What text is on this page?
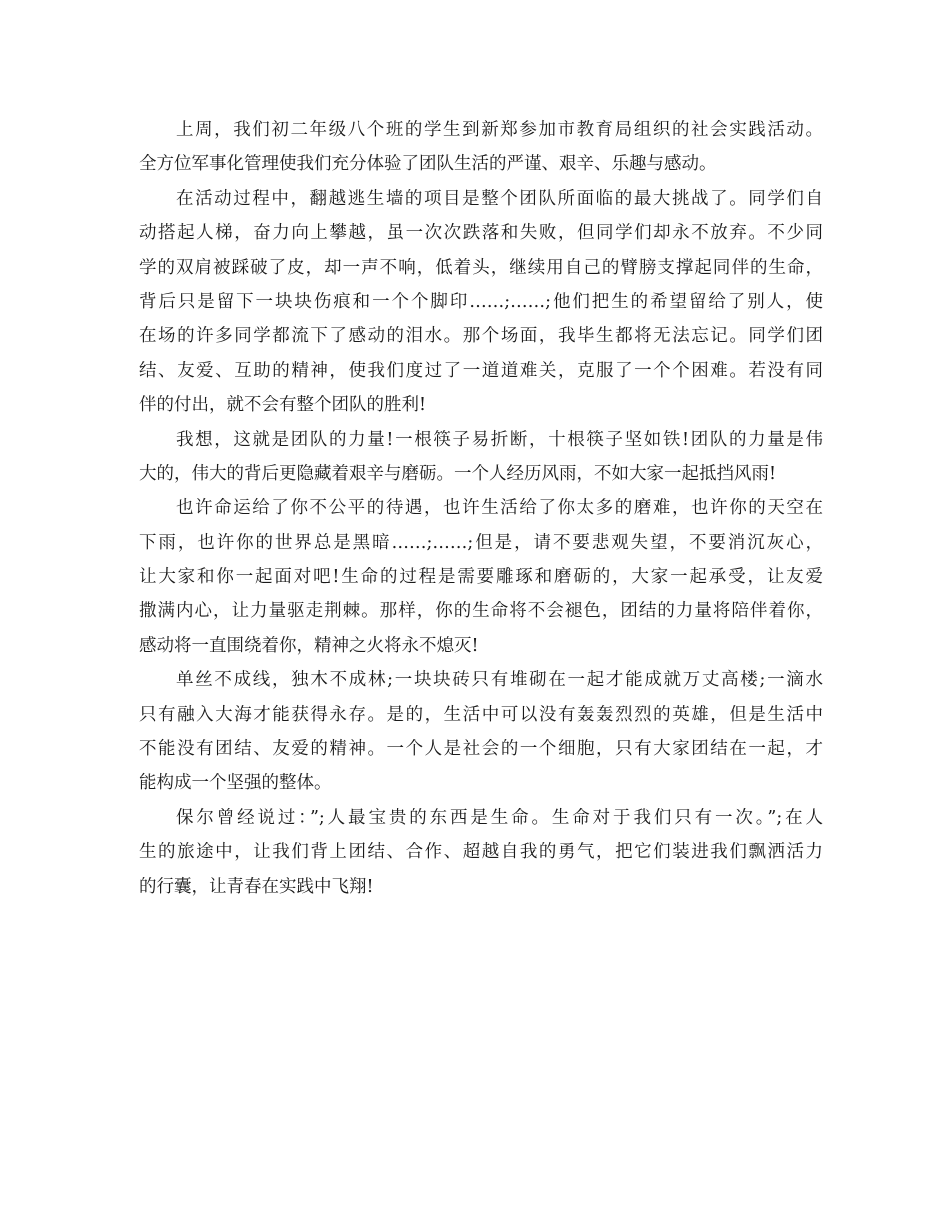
上周，我们初二年级八个班的学生到新郑参加市教育局组织的社会实践活动。
全方位军事化管理使我们充分体验了团队生活的严谨、艰辛、乐趣与感动。
在活动过程中，翻越逃生墙的项目是整个团队所面临的最大挑战了。同学们自
动搭起人梯，奋力向上攀越，虽一次次跌落和失败，但同学们却永不放弃。不少同
学的双肩被踩破了皮，却一声不响，低着头，继续用自己的臂膀支撑起同伴的生命，
背后只是留下一块块伤痕和一个个脚印……;……;他们把生的希望留给了别人，使
在场的许多同学都流下了感动的泪水。那个场面，我毕生都将无法忘记。同学们团
结、友爱、互助的精神，使我们度过了一道道难关，克服了一个个困难。若没有同
伴的付出，就不会有整个团队的胜利!
我想，这就是团队的力量!一根筷子易折断，十根筷子坚如铁!团队的力量是伟
大的，伟大的背后更隐藏着艰辛与磨砺。一个人经历风雨，不如大家一起抵挡风雨!
也许命运给了你不公平的待遇，也许生活给了你太多的磨难，也许你的天空在
下雨，也许你的世界总是黑暗……;……;但是，请不要悲观失望，不要消沉灰心，
让大家和你一起面对吧!生命的过程是需要雕琢和磨砺的，大家一起承受，让友爱
撒满内心，让力量驱走荆棘。那样，你的生命将不会褪色，团结的力量将陪伴着你，
感动将一直围绕着你，精神之火将永不熄灭!
单丝不成线，独木不成林;一块块砖只有堆砌在一起才能成就万丈高楼;一滴水
只有融入大海才能获得永存。是的，生活中可以没有轰轰烈烈的英雄，但是生活中
不能没有团结、友爱的精神。一个人是社会的一个细胞，只有大家团结在一起，才
能构成一个坚强的整体。
保尔曾经说过：”;人最宝贵的东西是生命。生命对于我们只有一次。”;在人
生的旅途中，让我们背上团结、合作、超越自我的勇气，把它们装进我们飘洒活力
的行囊，让青春在实践中飞翔!
